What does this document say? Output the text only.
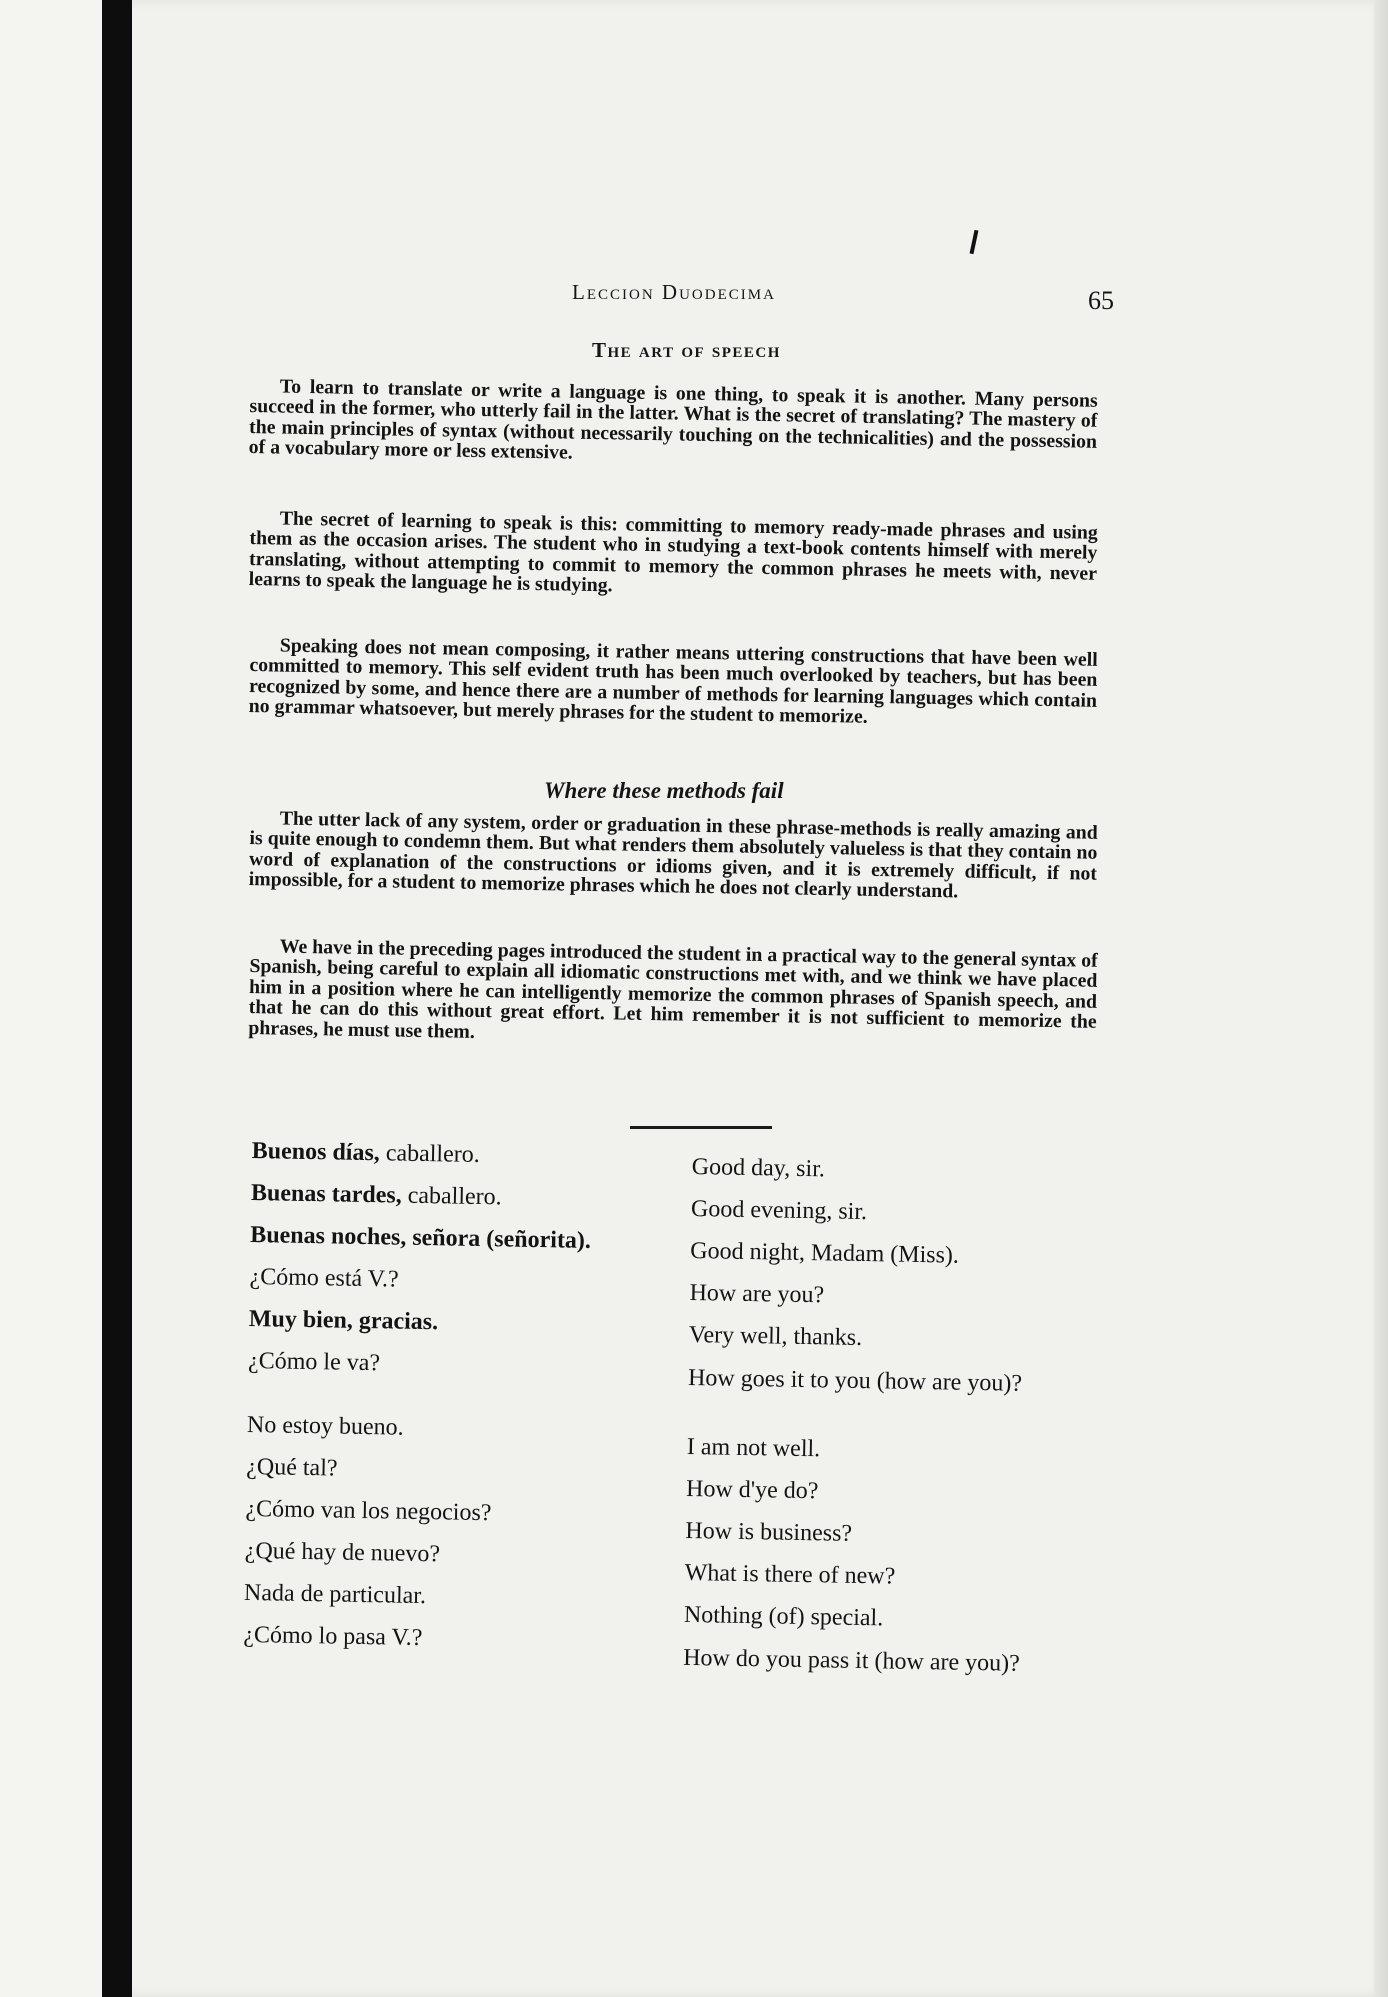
Leccion Duodecima	65
The art of speech

To learn to translate or write a language is one thing, to speak it is another. Many persons succeed in the former, who utterly fail in the latter. What is the secret of translating? The mastery of the main principles of syntax (without necessarily touching on the technicalities) and the possession of a vocabulary more or less extensive.

The secret of learning to speak is this: committing to memory ready-made phrases and using them as the occasion arises. The student who in studying a text-book contents himself with merely translating, without attempting to commit to memory the common phrases he meets with, never learns to speak the language he is studying.

Speaking does not mean composing, it rather means uttering constructions that have been well committed to memory. This self evident truth has been much overlooked by teachers, but has been recognized by some, and hence there are a number of methods for learning languages which contain no grammar whatsoever, but merely phrases for the student to memorize.

Where these methods fail

The utter lack of any system, order or graduation in these phrase-methods is really amazing and is quite enough to condemn them. But what renders them absolutely valueless is that they contain no word of explanation of the constructions or idioms given, and it is extremely difficult, if not impossible, for a student to memorize phrases which he does not clearly understand.

We have in the preceding pages introduced the student in a practical way to the general syntax of Spanish, being careful to explain all idiomatic constructions met with, and we think we have placed him in a position where he can intelligently memorize the common phrases of Spanish speech, and that he can do this without great effort. Let him remember it is not sufficient to memorize the phrases, he must use them.

Buenos días, caballero.
Buenas tardes, caballero.
Buenas noches, señora (señorita).
¿Cómo está V.?
Muy bien, gracias.
¿Cómo le va?
No estoy bueno.
¿Qué tal?
¿Cómo van los negocios?
¿Qué hay de nuevo?
Nada de particular.
¿Cómo lo pasa V.?
Good day, sir.
Good evening, sir.
Good night, Madam (Miss).
How are you?
Very well, thanks.
How goes it to you (how are you)?
I am not well.
How d'ye do?
How is business?
What is there of new?
Nothing (of) special.
How do you pass it (how are you)?
